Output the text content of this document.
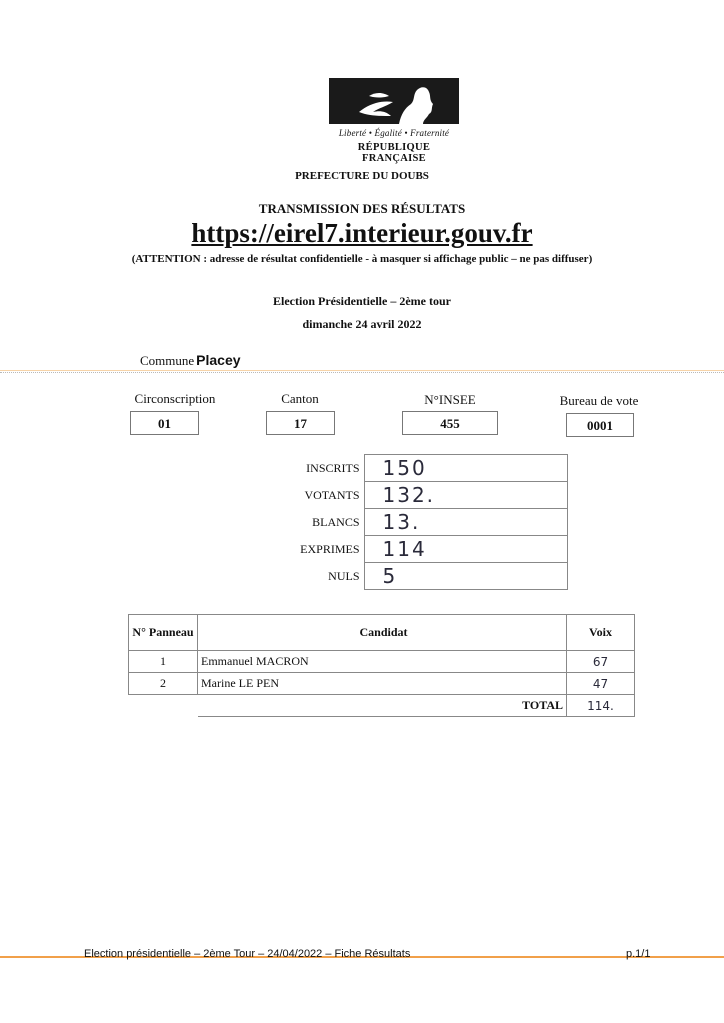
Liberté • Égalité • Fraternité
RÉPUBLIQUE FRANÇAISE
PREFECTURE DU DOUBS
TRANSMISSION DES RÉSULTATS
https://eirel7.interieur.gouv.fr
(ATTENTION : adresse de résultat confidentielle - à masquer si affichage public – ne pas diffuser)
Election Présidentielle – 2ème tour
dimanche 24 avril 2022
Commune Placey
Circonscription
01
Canton
17
N°INSEE
455
Bureau de vote
0001
INSCRITS	150
VOTANTS	132.
BLANCS	13.
EXPRIMES	114
NULS	5
N° Panneau	Candidat	Voix
1	Emmanuel MACRON	67
2	Marine LE PEN	47
	TOTAL	114.
Election présidentielle – 2ème Tour – 24/04/2022 – Fiche Résultats	p.1/1
